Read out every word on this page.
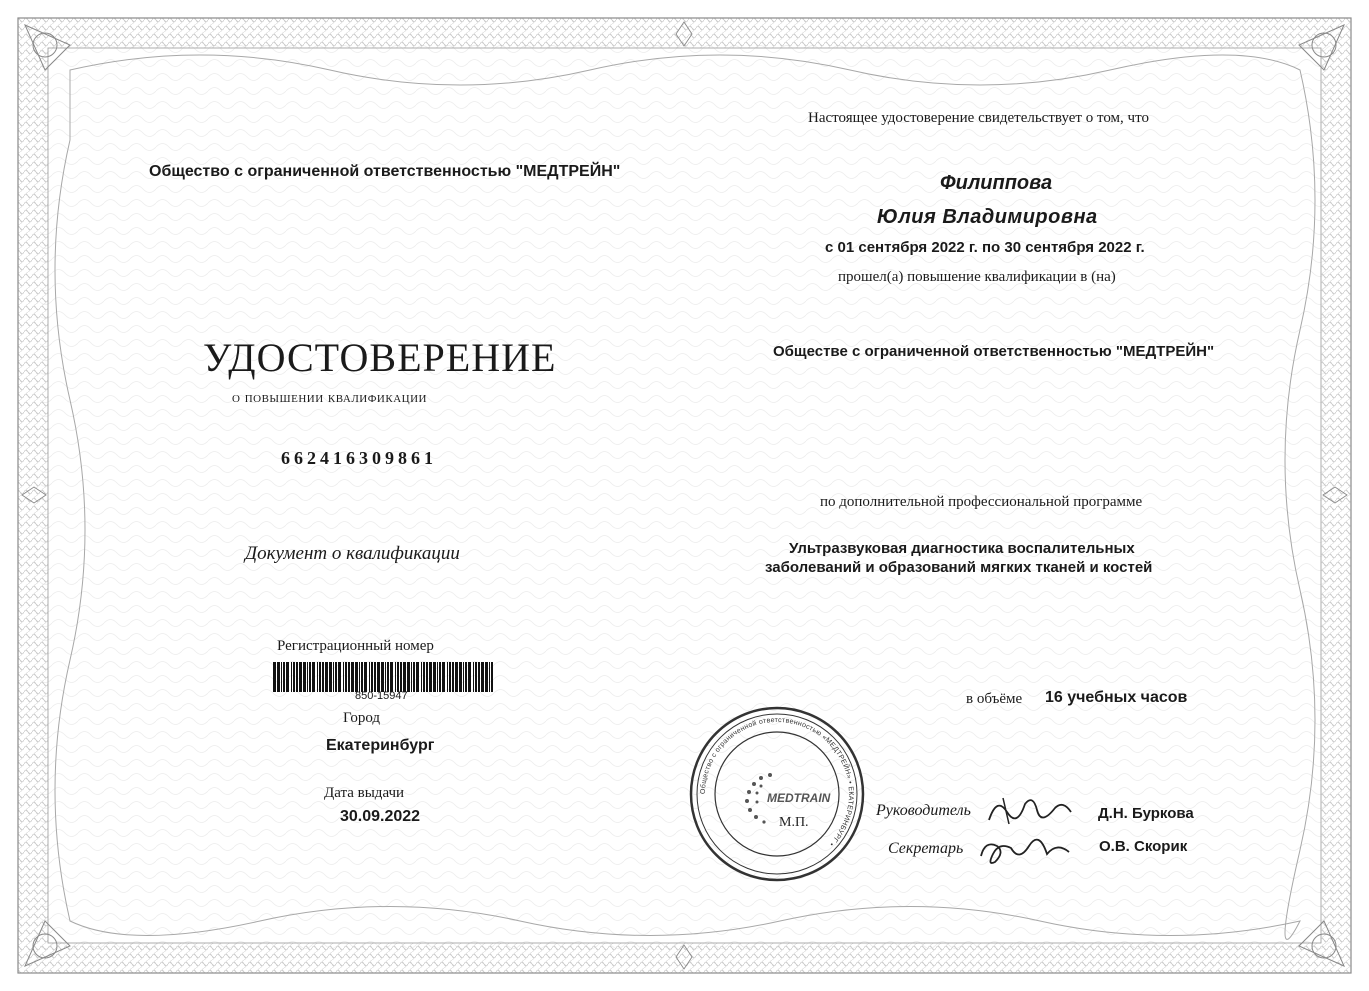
Общество с ограниченной ответственностью "МЕДТРЕЙН"
УДОСТОВЕРЕНИЕ
о повышении квалификации
662416309861
Документ о квалификации
Регистрационный номер
850-15947
Город
Екатеринбург
Дата выдачи
30.09.2022
Настоящее удостоверение свидетельствует о том, что
Филиппова
Юлия Владимировна
с 01 сентября 2022 г. по 30 сентября 2022 г.
прошел(а) повышение квалификации в (на)
Обществе с ограниченной ответственностью "МЕДТРЕЙН"
по дополнительной профессиональной программе
Ультразвуковая диагностика воспалительных
заболеваний и образований мягких тканей и костей
в объёме 16 учебных часов
Общество с ограниченной ответственностью «МЕДТРЕЙН» • ЕКАТЕРИНБУРГ •
MEDTRAIN
М.П.
Руководитель	Д.Н. Буркова
Секретарь	О.В. Скорик
